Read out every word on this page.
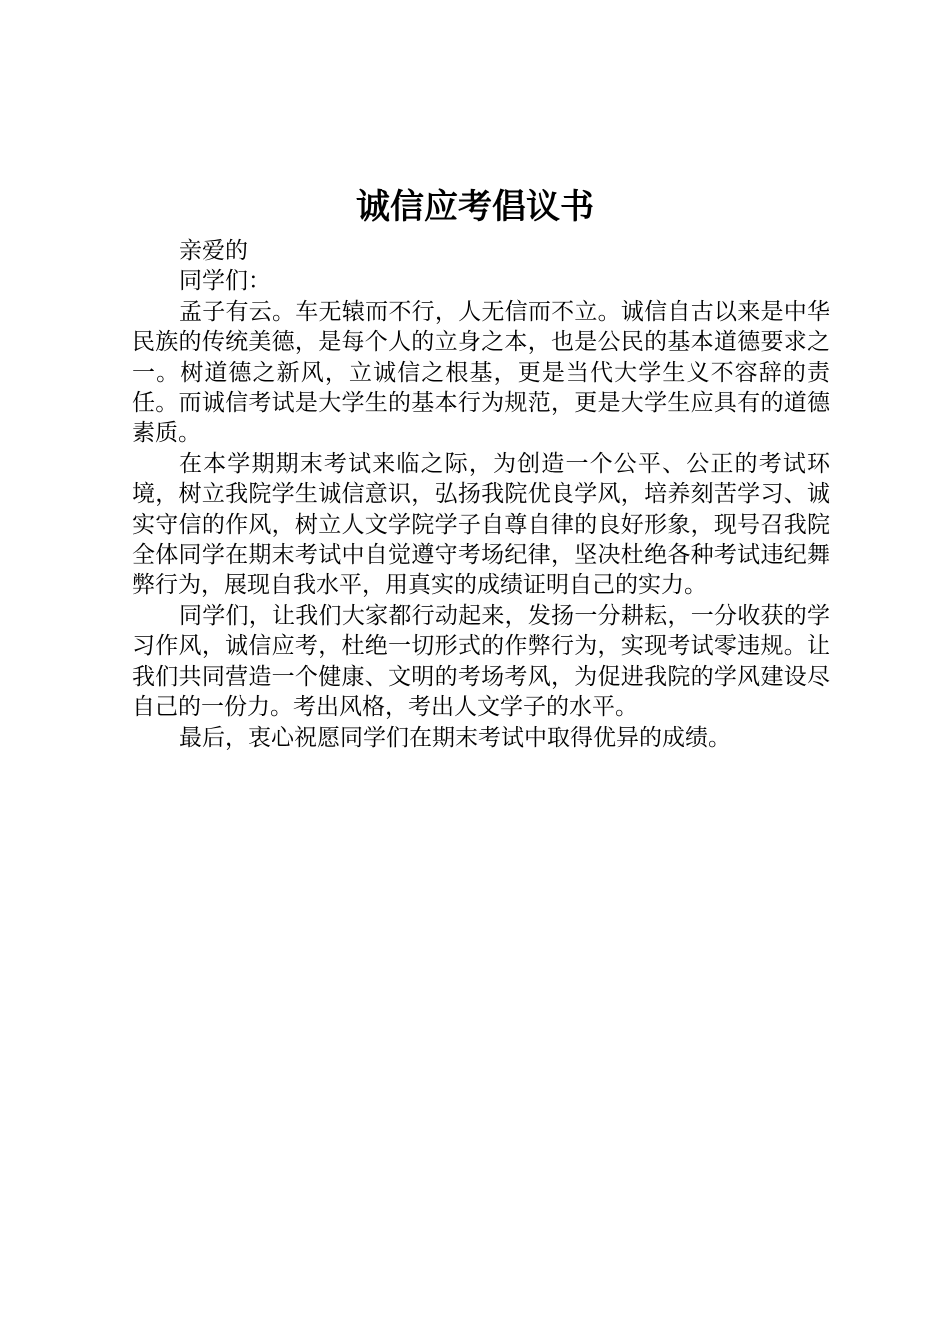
诚信应考倡议书

亲爱的

同学们：

孟子有云。车无辕而不行，人无信而不立。诚信自古以来是中华民族的传统美德，是每个人的立身之本，也是公民的基本道德要求之一。树道德之新风，立诚信之根基，更是当代大学生义不容辞的责任。而诚信考试是大学生的基本行为规范，更是大学生应具有的道德素质。

在本学期期末考试来临之际，为创造一个公平、公正的考试环境，树立我院学生诚信意识，弘扬我院优良学风，培养刻苦学习、诚实守信的作风，树立人文学院学子自尊自律的良好形象，现号召我院全体同学在期末考试中自觉遵守考场纪律，坚决杜绝各种考试违纪舞弊行为，展现自我水平，用真实的成绩证明自己的实力。

同学们，让我们大家都行动起来，发扬一分耕耘，一分收获的学习作风，诚信应考，杜绝一切形式的作弊行为，实现考试零违规。让我们共同营造一个健康、文明的考场考风，为促进我院的学风建设尽自己的一份力。考出风格，考出人文学子的水平。

最后，衷心祝愿同学们在期末考试中取得优异的成绩。
